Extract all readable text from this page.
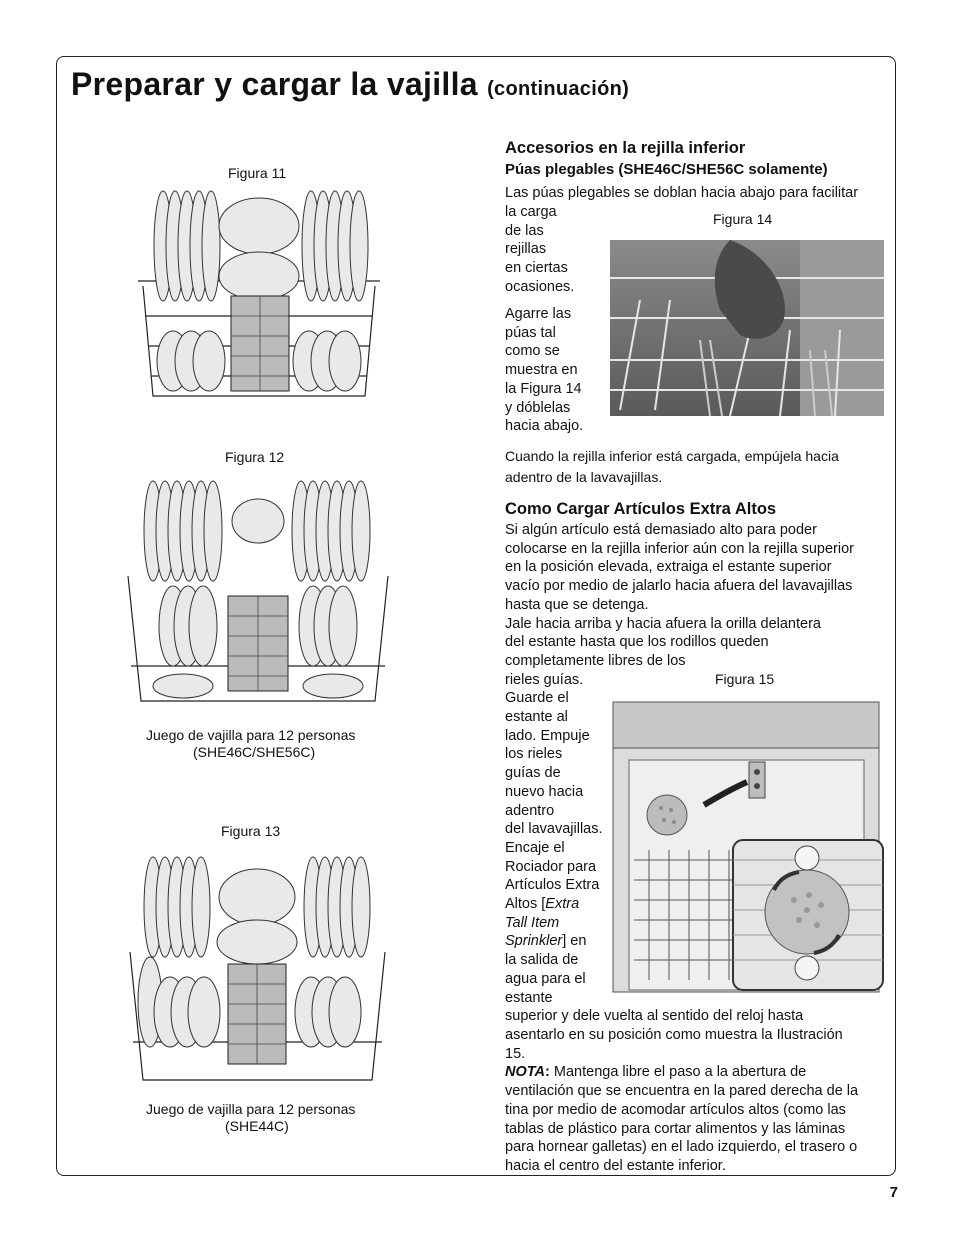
Preparar y cargar la vajilla (continuación)
Figura 11
Figura 12
Juego de vajilla para 12 personas
(SHE46C/SHE56C)
Figura 13
Juego de vajilla para 12 personas
(SHE44C)
Accesorios en la rejilla inferior
Púas plegables (SHE46C/SHE56C solamente)
Las púas plegables se doblan hacia abajo para facilitar
la carga
de las
rejillas
en ciertas
ocasiones.
Agarre las
púas tal
como se
muestra en
la Figura 14
y dóblelas
hacia abajo.
Figura 14
Cuando la rejilla inferior está cargada, empújela hacia
adentro de la lavavajillas.
Como Cargar Artículos Extra Altos
Si algún artículo está demasiado alto para poder
colocarse en la rejilla inferior aún con la rejilla superior
en la posición elevada, extraiga el estante superior
vacío por medio de jalarlo hacia afuera del lavavajillas
hasta que se detenga.
Jale hacia arriba y hacia afuera la orilla delantera
del estante hasta que los rodillos queden
completamente libres de los
rieles guías.
Guarde el
estante al
lado. Empuje
los rieles
guías de
nuevo hacia
adentro
del lavavajillas.
Encaje el
Rociador para
Artículos Extra
Altos [Extra
Tall Item
Sprinkler] en
la salida de
agua para el
estante
superior y dele vuelta al sentido del reloj hasta
asentarlo en su posición como muestra la Ilustración
15.
NOTA: Mantenga libre el paso a la abertura de
ventilación que se encuentra en la pared derecha de la
tina por medio de acomodar artículos altos (como las
tablas de plástico para cortar alimentos y las láminas
para hornear galletas) en el lado izquierdo, el trasero o
hacia el centro del estante inferior.
Figura 15
7
